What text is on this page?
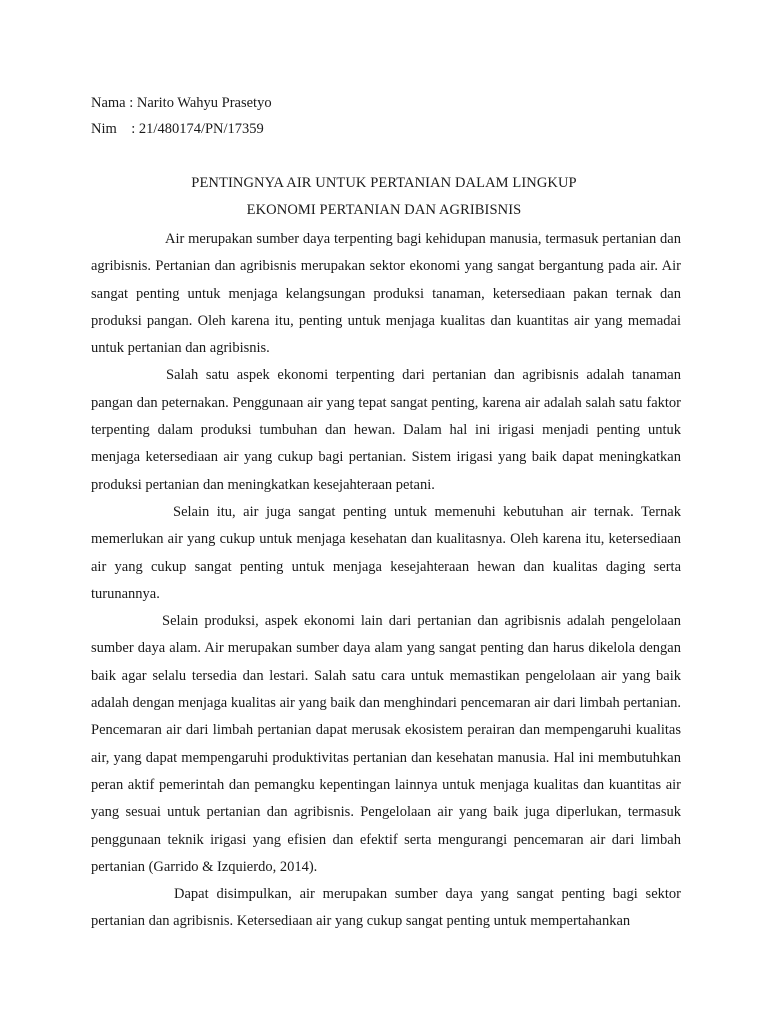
Nama : Narito Wahyu Prasetyo
Nim    : 21/480174/PN/17359
PENTINGNYA AIR UNTUK PERTANIAN DALAM LINGKUP
EKONOMI PERTANIAN DAN AGRIBISNIS

Air merupakan sumber daya terpenting bagi kehidupan manusia, termasuk pertanian dan agribisnis. Pertanian dan agribisnis merupakan sektor ekonomi yang sangat bergantung pada air. Air sangat penting untuk menjaga kelangsungan produksi tanaman, ketersediaan pakan ternak dan produksi pangan. Oleh karena itu, penting untuk menjaga kualitas dan kuantitas air yang memadai untuk pertanian dan agribisnis.

Salah satu aspek ekonomi terpenting dari pertanian dan agribisnis adalah tanaman pangan dan peternakan. Penggunaan air yang tepat sangat penting, karena air adalah salah satu faktor terpenting dalam produksi tumbuhan dan hewan. Dalam hal ini irigasi menjadi penting untuk menjaga ketersediaan air yang cukup bagi pertanian. Sistem irigasi yang baik dapat meningkatkan produksi pertanian dan meningkatkan kesejahteraan petani.

Selain itu, air juga sangat penting untuk memenuhi kebutuhan air ternak. Ternak memerlukan air yang cukup untuk menjaga kesehatan dan kualitasnya. Oleh karena itu, ketersediaan air yang cukup sangat penting untuk menjaga kesejahteraan hewan dan kualitas daging serta turunannya.

Selain produksi, aspek ekonomi lain dari pertanian dan agribisnis adalah pengelolaan sumber daya alam. Air merupakan sumber daya alam yang sangat penting dan harus dikelola dengan baik agar selalu tersedia dan lestari. Salah satu cara untuk memastikan pengelolaan air yang baik adalah dengan menjaga kualitas air yang baik dan menghindari pencemaran air dari limbah pertanian. Pencemaran air dari limbah pertanian dapat merusak ekosistem perairan dan mempengaruhi kualitas air, yang dapat mempengaruhi produktivitas pertanian dan kesehatan manusia. Hal ini membutuhkan peran aktif pemerintah dan pemangku kepentingan lainnya untuk menjaga kualitas dan kuantitas air yang sesuai untuk pertanian dan agribisnis. Pengelolaan air yang baik juga diperlukan, termasuk penggunaan teknik irigasi yang efisien dan efektif serta mengurangi pencemaran air dari limbah pertanian (Garrido & Izquierdo, 2014).

Dapat disimpulkan, air merupakan sumber daya yang sangat penting bagi sektor pertanian dan agribisnis. Ketersediaan air yang cukup sangat penting untuk mempertahankan
